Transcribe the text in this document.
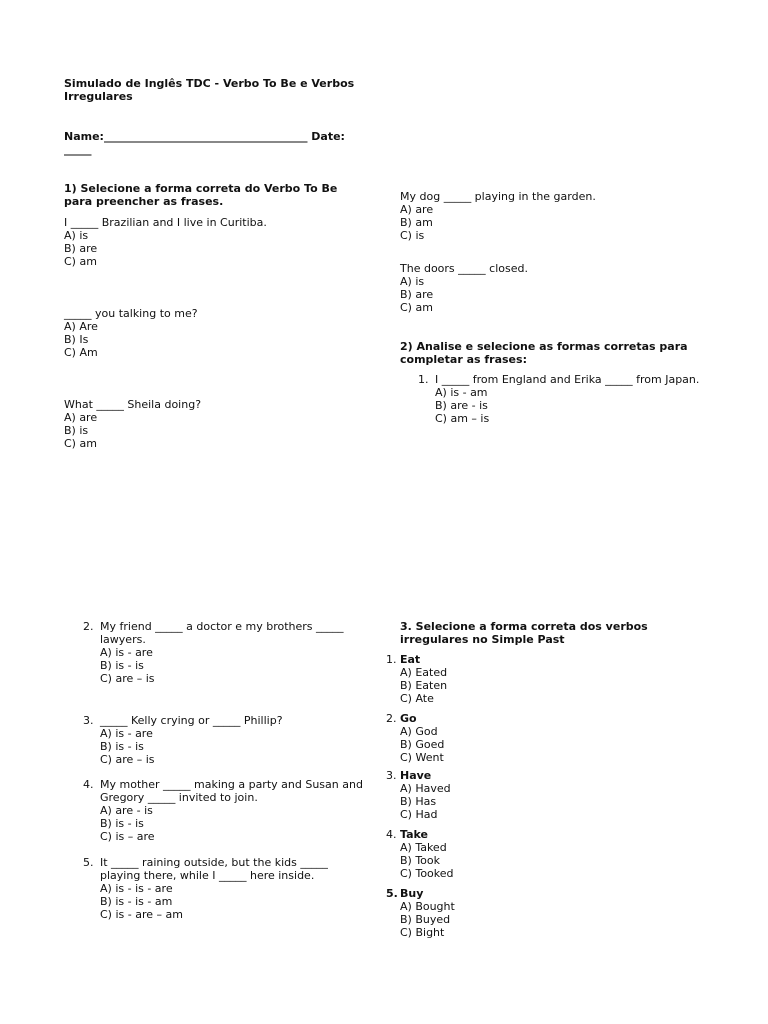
Simulado de Inglês TDC - Verbo To Be e Verbos
Irregulares
Name:_____________________________________ Date:
_____
1) Selecione a forma correta do Verbo To Be
para preencher as frases.
I _____ Brazilian and I live in Curitiba.
A) is
B) are
C) am
_____ you talking to me?
A) Are
B) Is
C) Am
What _____ Sheila doing?
A) are
B) is
C) am
My dog _____ playing in the garden.
A) are
B) am
C) is
The doors _____ closed.
A) is
B) are
C) am
2) Analise e selecione as formas corretas para
completar as frases:
1. I _____ from England and Erika _____ from Japan.
A) is - am
B) are - is
C) am – is
2. My friend _____ a doctor e my brothers _____
lawyers.
A) is - are
B) is - is
C) are – is
3. _____ Kelly crying or _____ Phillip?
A) is - are
B) is - is
C) are – is
4. My mother _____ making a party and Susan and
Gregory _____ invited to join.
A) are - is
B) is - is
C) is – are
5. It _____ raining outside, but the kids _____
playing there, while I _____ here inside.
A) is - is - are
B) is - is - am
C) is - are – am
3. Selecione a forma correta dos verbos
irregulares no Simple Past
1. Eat
A) Eated
B) Eaten
C) Ate
2. Go
A) God
B) Goed
C) Went
3. Have
A) Haved
B) Has
C) Had
4. Take
A) Taked
B) Took
C) Tooked
5. Buy
A) Bought
B) Buyed
C) Bight
